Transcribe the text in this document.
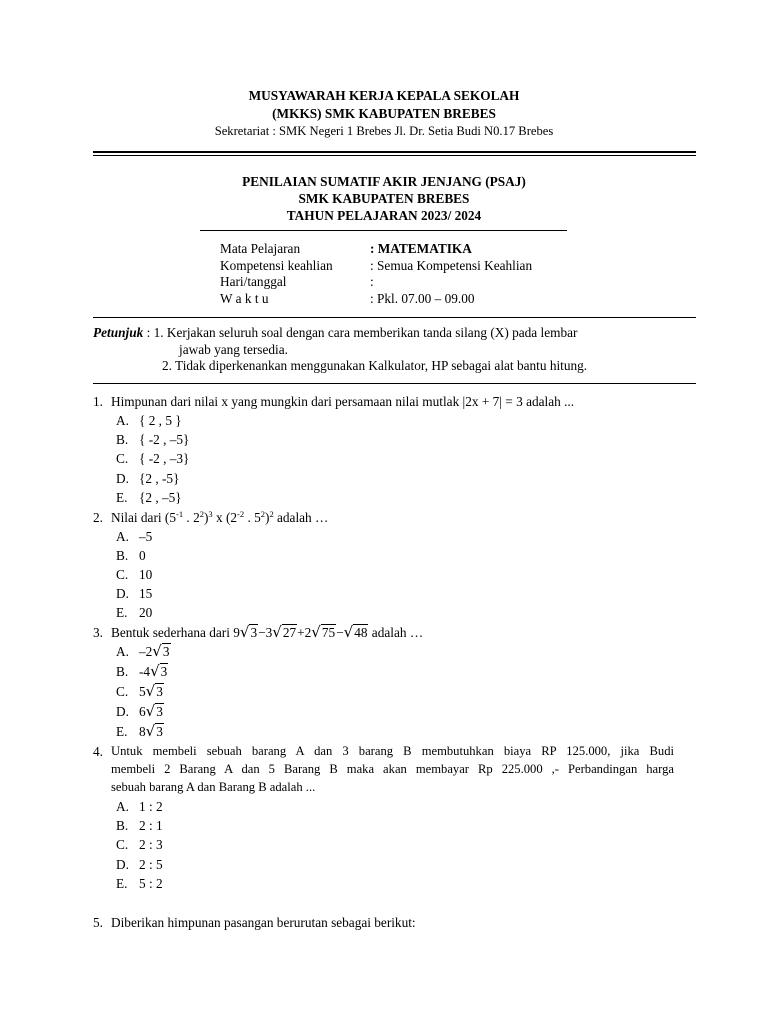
MUSYAWARAH KERJA KEPALA SEKOLAH
(MKKS) SMK KABUPATEN BREBES
Sekretariat : SMK Negeri 1 Brebes Jl. Dr. Setia Budi N0.17 Brebes
PENILAIAN SUMATIF AKIR JENJANG (PSAJ)
SMK KABUPATEN BREBES
TAHUN PELAJARAN 2023/ 2024
Mata Pelajaran	: MATEMATIKA
Kompetensi keahlian	: Semua Kompetensi Keahlian
Hari/tanggal	:
W a k t u	: Pkl. 07.00 – 09.00
Petunjuk : 1. Kerjakan seluruh soal dengan cara memberikan tanda silang (X) pada lembar
jawab yang tersedia.
2. Tidak diperkenankan menggunakan Kalkulator, HP sebagai alat bantu hitung.
1. Himpunan dari nilai x yang mungkin dari persamaan nilai mutlak |2x + 7| = 3 adalah ...
A. { 2 , 5 }
B. { -2 , –5}
C. { -2 , –3}
D. {2 , -5}
E. {2 , –5}
2. Nilai dari ($5^{-1}$ . $2^2)^3$ x ($2^{-2}$ . $5^2)^2$ adalah …
A. –5
B. 0
C. 10
D. 15
E. 20
3. Bentuk sederhana dari 9√3−3√27+2√75−√48 adalah …
A. –2√3
B. -4√3
C. 5√3
D. 6√3
E. 8√3
4. Untuk membeli sebuah barang A dan 3 barang B membutuhkan biaya RP 125.000, jika Budi
membeli 2 Barang A dan 5 Barang B maka akan membayar Rp 225.000 ,- Perbandingan harga
sebuah barang A dan Barang B adalah ...
A. 1 : 2
B. 2 : 1
C. 2 : 3
D. 2 : 5
E. 5 : 2
5. Diberikan himpunan pasangan berurutan sebagai berikut:
